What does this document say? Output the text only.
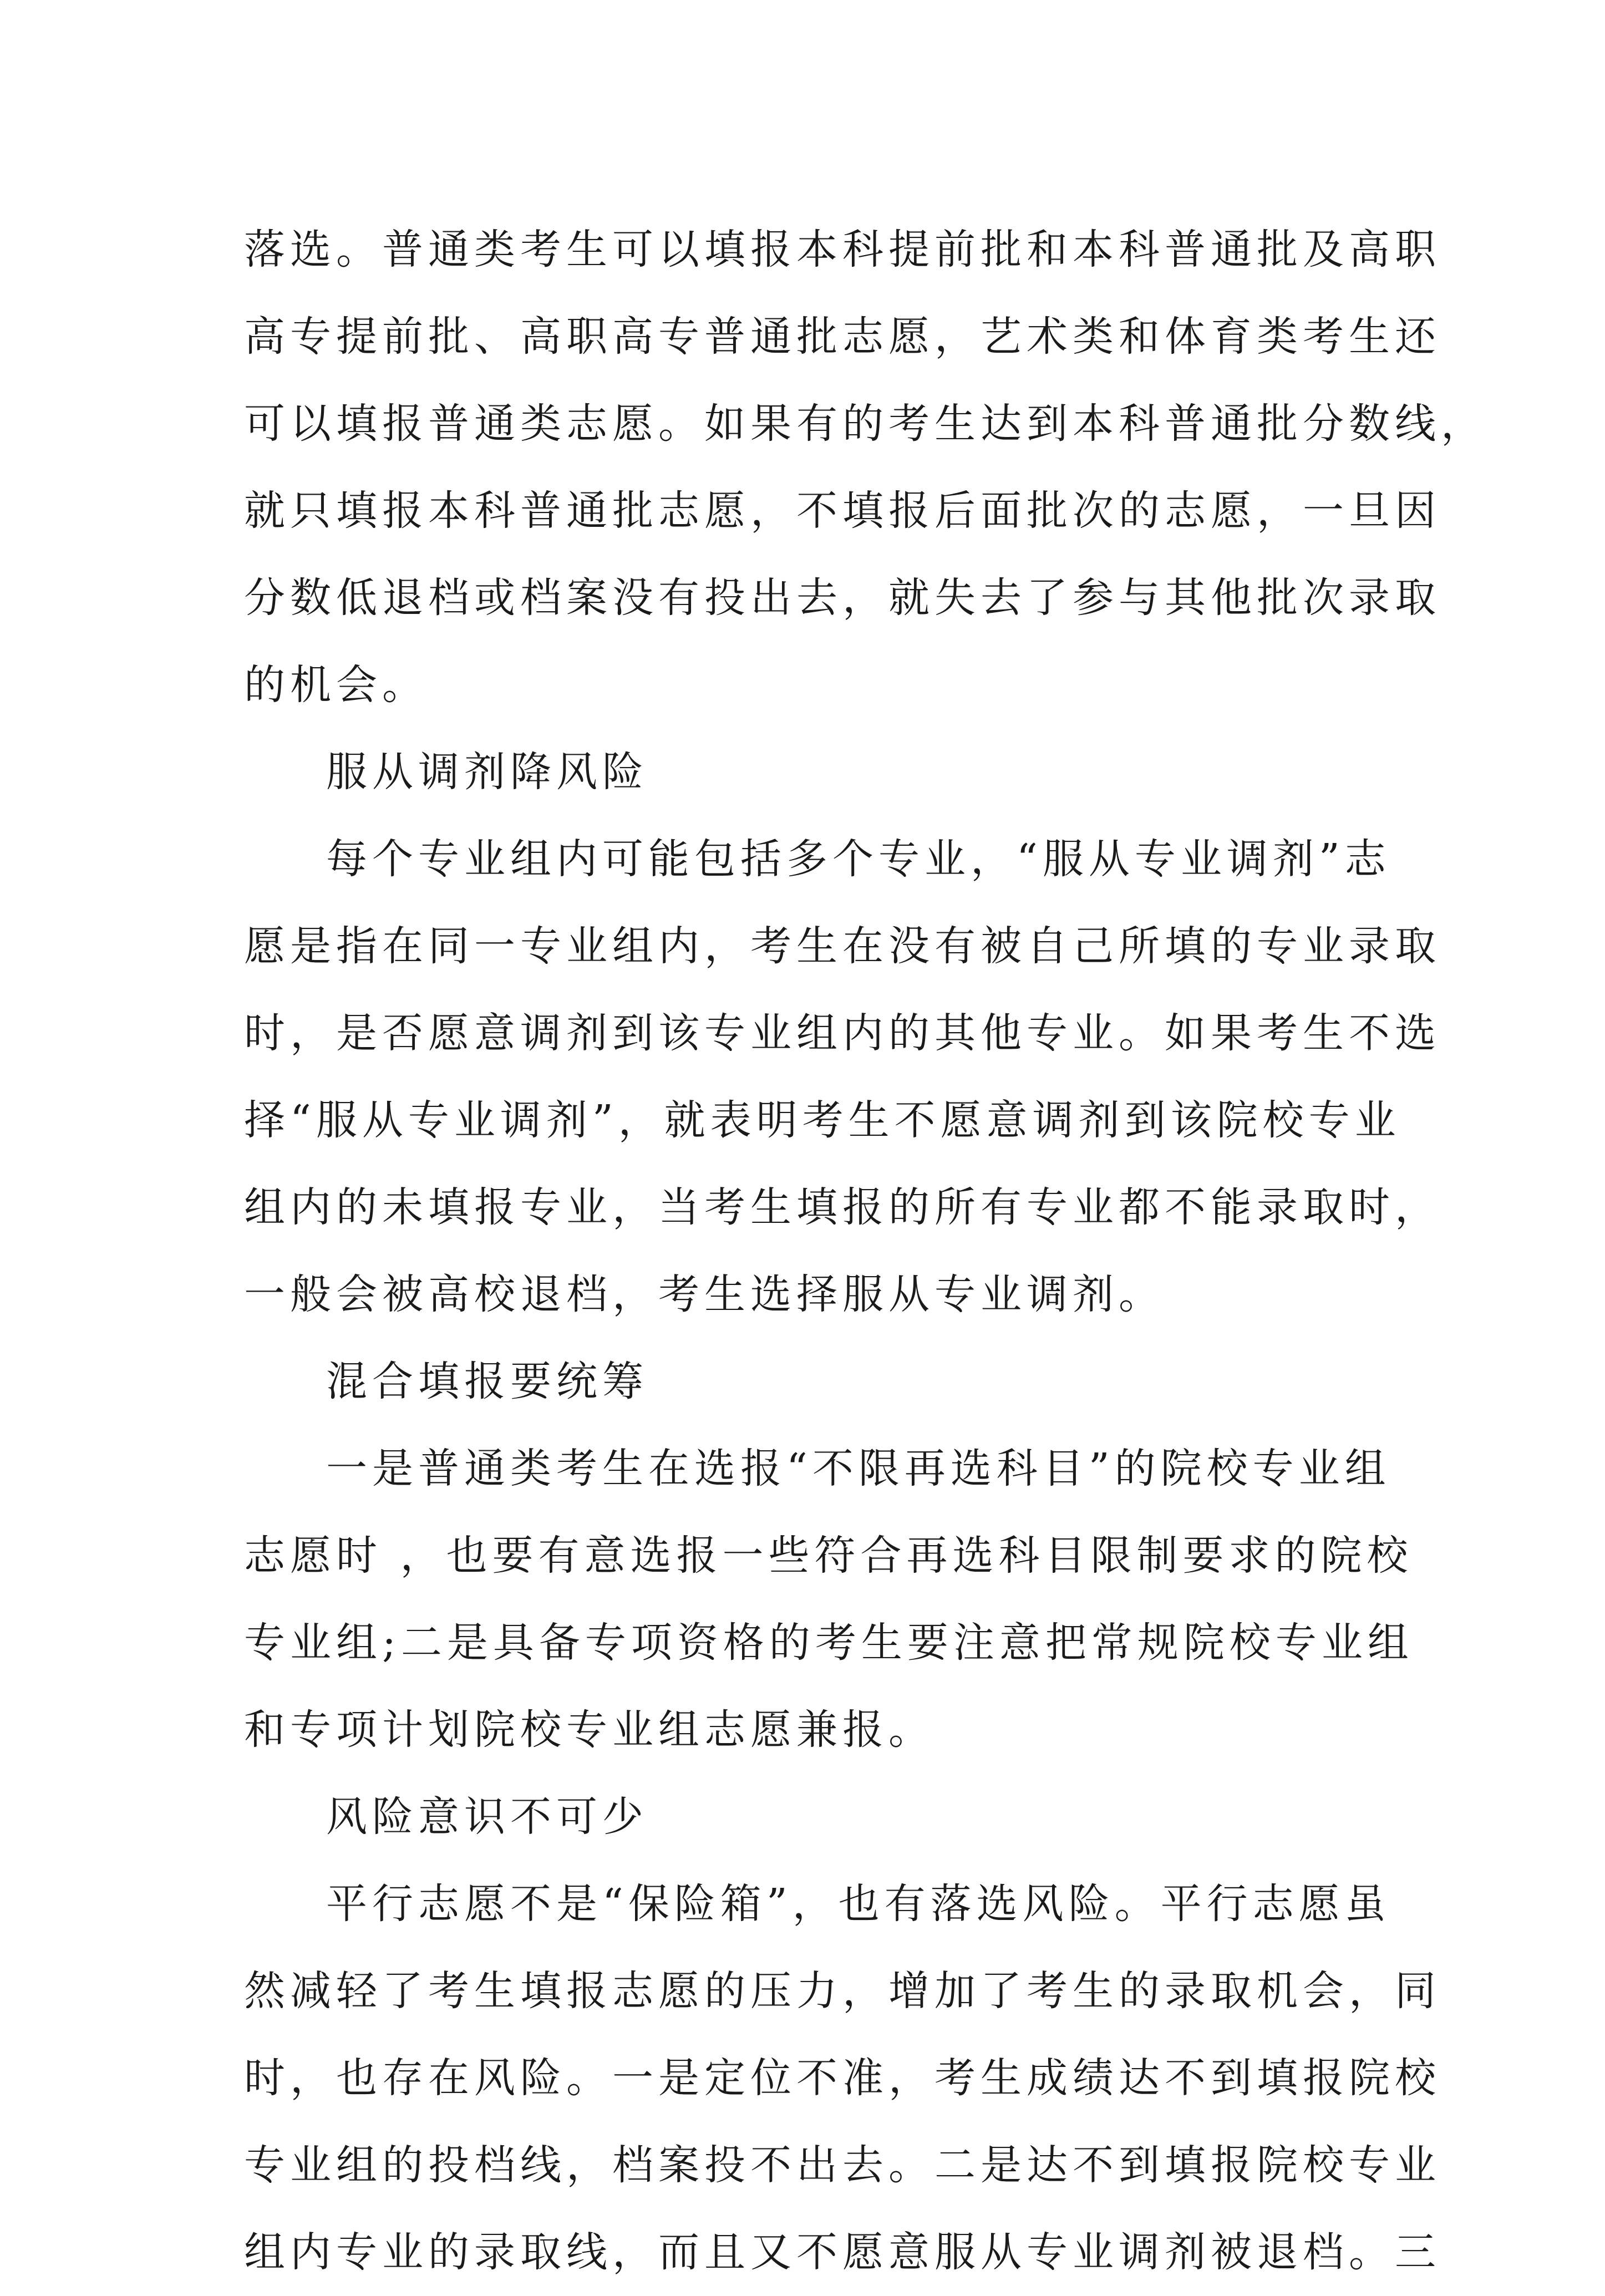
落选。普通类考生可以填报本科提前批和本科普通批及高职
高专提前批、高职高专普通批志愿，艺术类和体育类考生还
可以填报普通类志愿。如果有的考生达到本科普通批分数线，
就只填报本科普通批志愿，不填报后面批次的志愿，一旦因
分数低退档或档案没有投出去，就失去了参与其他批次录取
的机会。
服从调剂降风险
每个专业组内可能包括多个专业，“服从专业调剂”志
愿是指在同一专业组内，考生在没有被自己所填的专业录取
时，是否愿意调剂到该专业组内的其他专业。如果考生不选
择“服从专业调剂”，就表明考生不愿意调剂到该院校专业
组内的未填报专业，当考生填报的所有专业都不能录取时，
一般会被高校退档，考生选择服从专业调剂。
混合填报要统筹
一是普通类考生在选报“不限再选科目”的院校专业组
志愿时 ，也要有意选报一些符合再选科目限制要求的院校
专业组;二是具备专项资格的考生要注意把常规院校专业组
和专项计划院校专业组志愿兼报。
风险意识不可少
平行志愿不是“保险箱”，也有落选风险。平行志愿虽
然减轻了考生填报志愿的压力，增加了考生的录取机会，同
时，也存在风险。一是定位不准，考生成绩达不到填报院校
专业组的投档线，档案投不出去。二是达不到填报院校专业
组内专业的录取线，而且又不愿意服从专业调剂被退档。三
